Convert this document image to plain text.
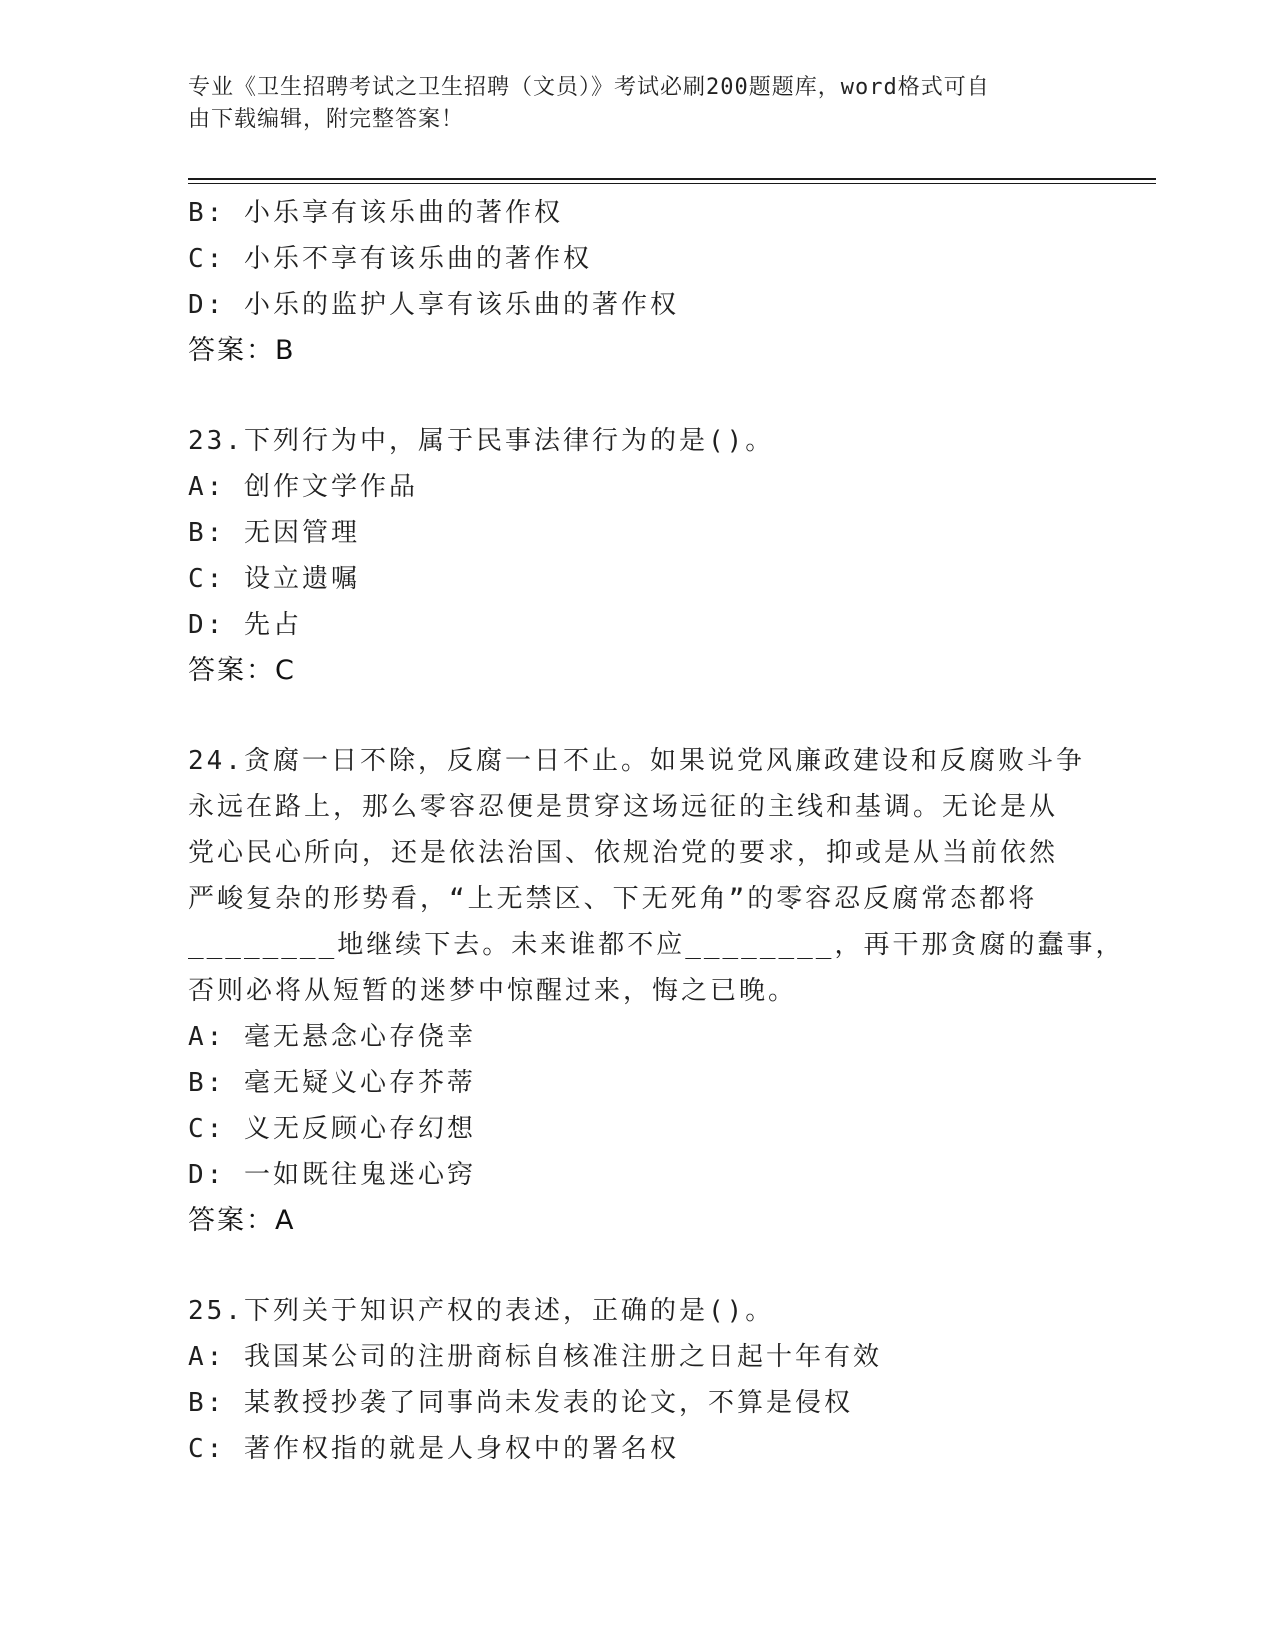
专业《卫生招聘考试之卫生招聘（文员）》考试必刷200题题库，word格式可自
由下载编辑，附完整答案！
B: 小乐享有该乐曲的著作权
C: 小乐不享有该乐曲的著作权
D: 小乐的监护人享有该乐曲的著作权
答案：B
23.下列行为中，属于民事法律行为的是()。
A: 创作文学作品
B: 无因管理
C: 设立遗嘱
D: 先占
答案：C
24.贪腐一日不除，反腐一日不止。如果说党风廉政建设和反腐败斗争
永远在路上，那么零容忍便是贯穿这场远征的主线和基调。无论是从
党心民心所向，还是依法治国、依规治党的要求，抑或是从当前依然
严峻复杂的形势看，“上无禁区、下无死角”的零容忍反腐常态都将
________地继续下去。未来谁都不应________，再干那贪腐的蠢事，
否则必将从短暂的迷梦中惊醒过来，悔之已晚。
A: 毫无悬念心存侥幸
B: 毫无疑义心存芥蒂
C: 义无反顾心存幻想
D: 一如既往鬼迷心窍
答案：A
25.下列关于知识产权的表述，正确的是()。
A: 我国某公司的注册商标自核准注册之日起十年有效
B: 某教授抄袭了同事尚未发表的论文，不算是侵权
C: 著作权指的就是人身权中的署名权
